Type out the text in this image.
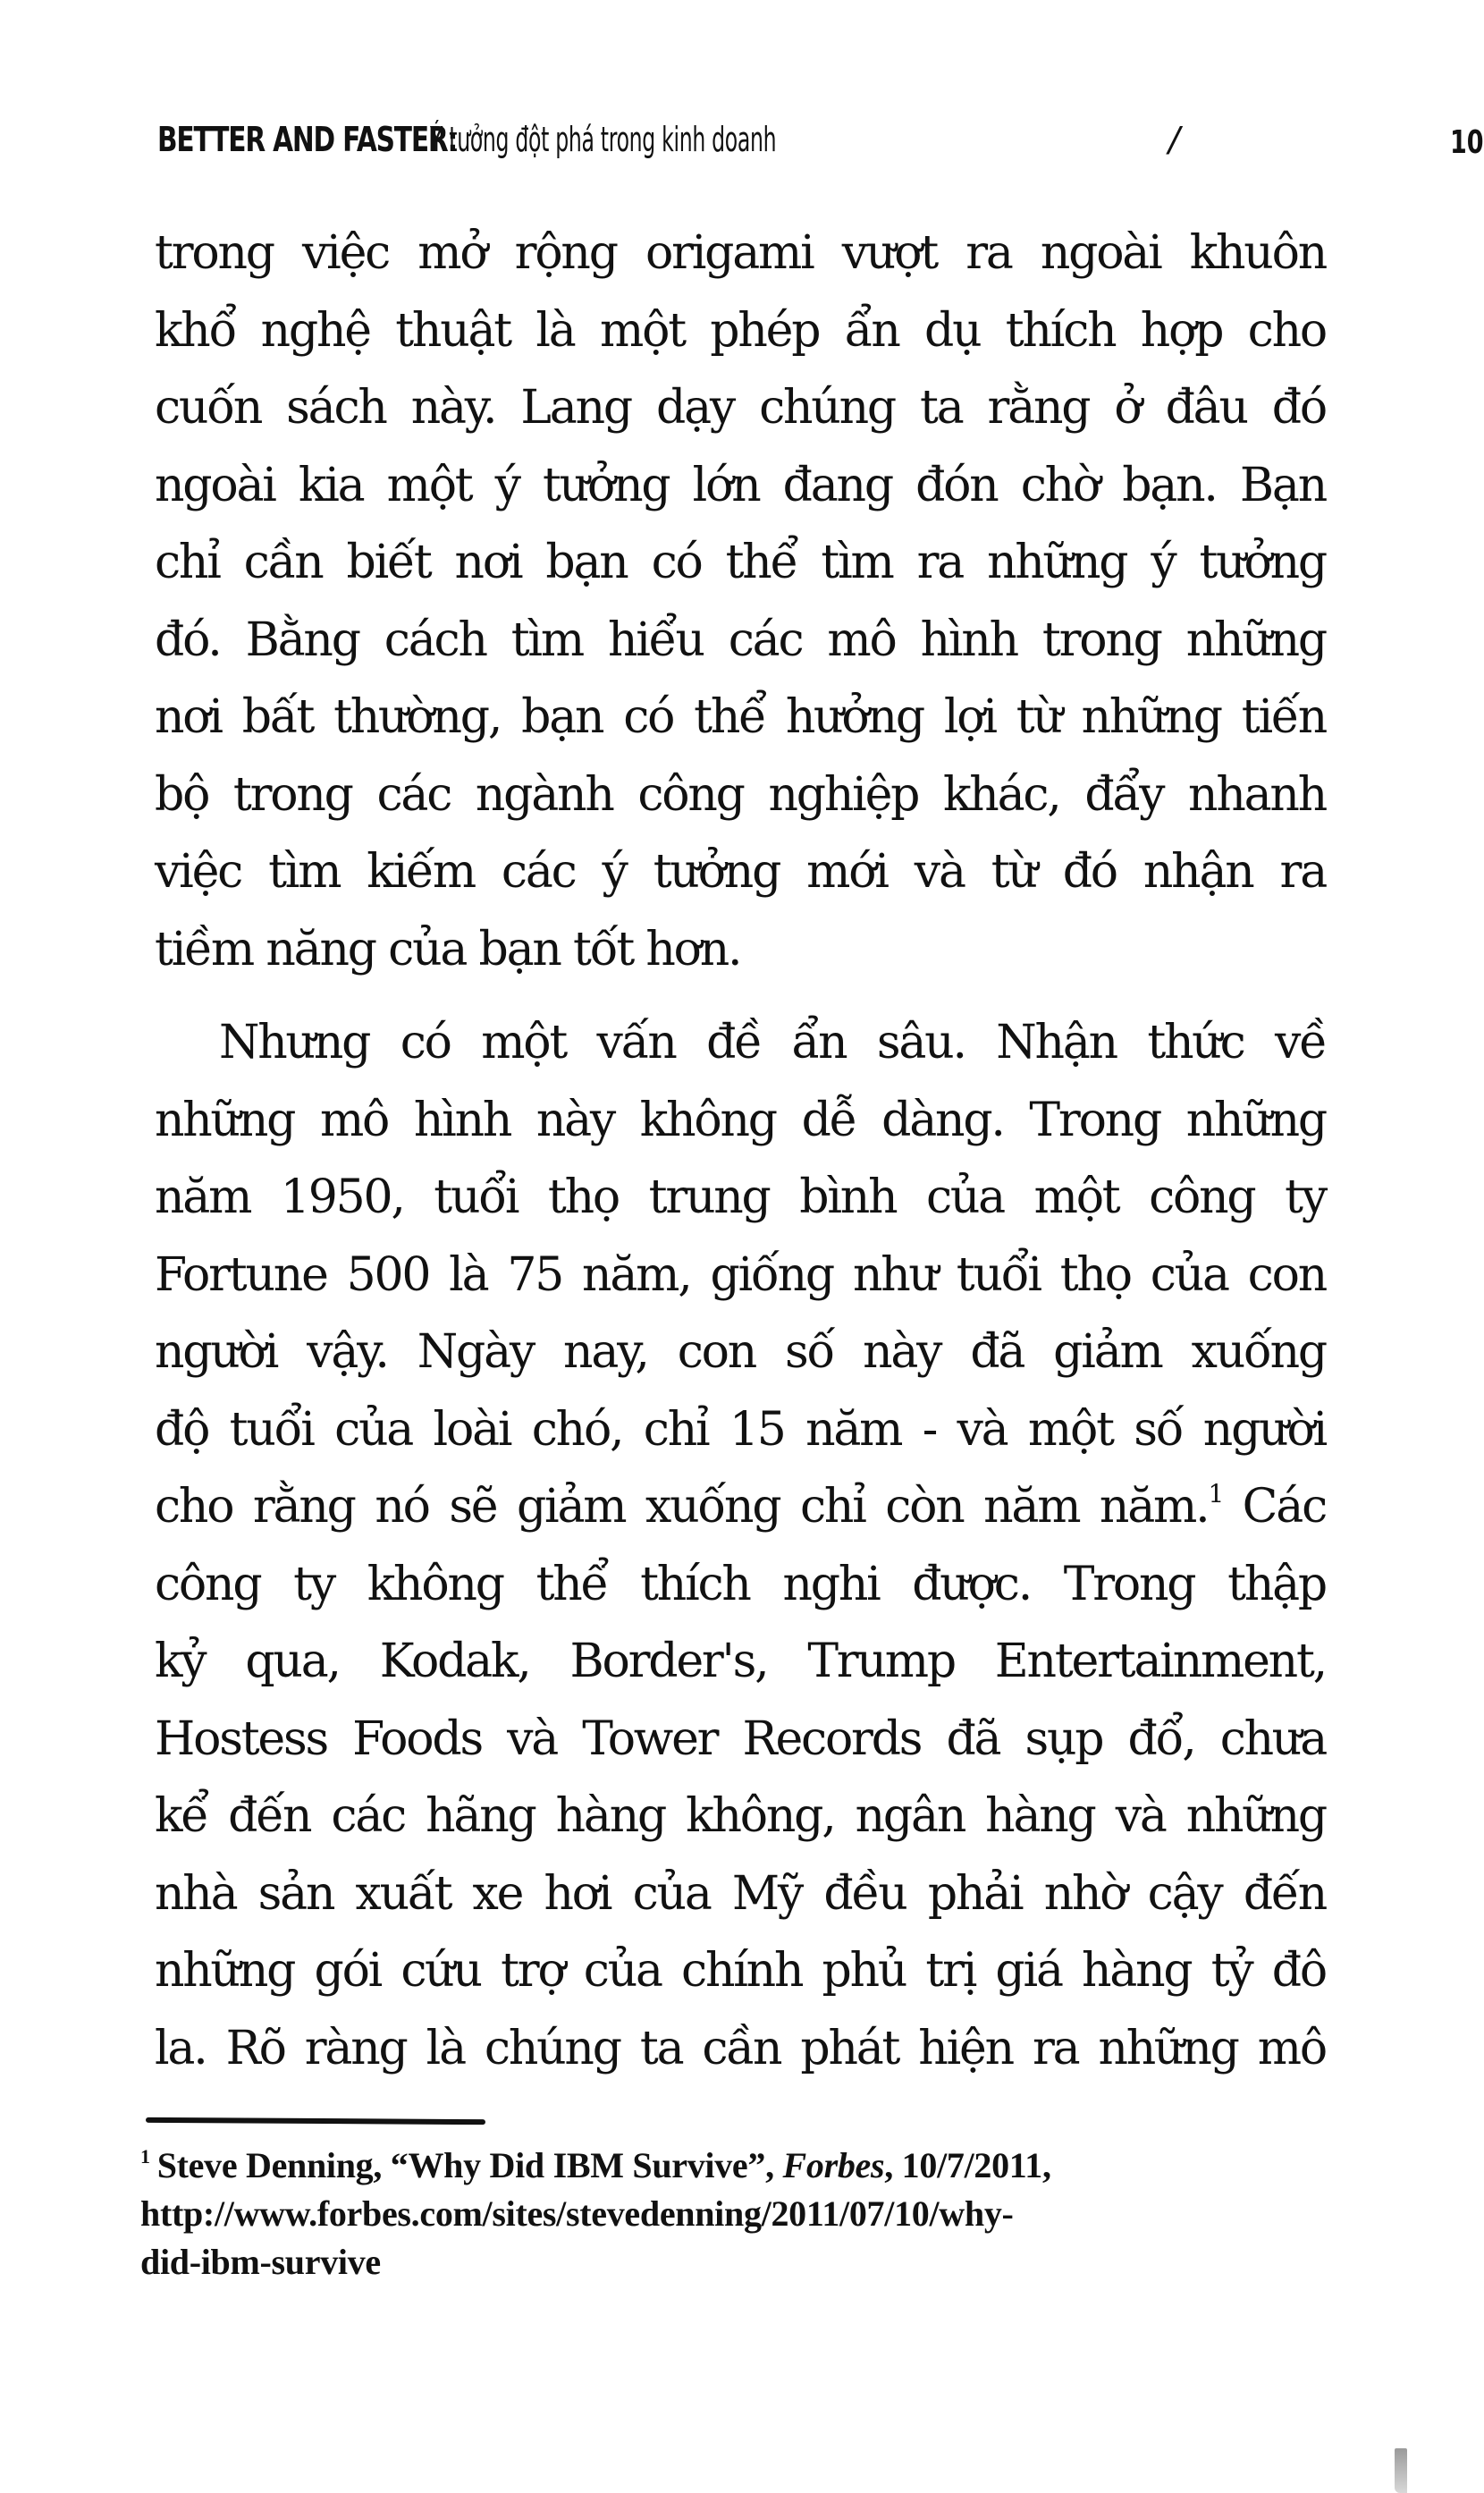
BETTER AND FASTER: Ý tưởng đột phá trong kinh doanh	/	10
trong việc mở rộng origami vượt ra ngoài khuôn
khổ nghệ thuật là một phép ẩn dụ thích hợp cho
cuốn sách này. Lang dạy chúng ta rằng ở đâu đó
ngoài kia một ý tưởng lớn đang đón chờ bạn. Bạn
chỉ cần biết nơi bạn có thể tìm ra những ý tưởng
đó. Bằng cách tìm hiểu các mô hình trong những
nơi bất thường, bạn có thể hưởng lợi từ những tiến
bộ trong các ngành công nghiệp khác, đẩy nhanh
việc tìm kiếm các ý tưởng mới và từ đó nhận ra
tiềm năng của bạn tốt hơn.
Nhưng có một vấn đề ẩn sâu. Nhận thức về
những mô hình này không dễ dàng. Trong những
năm 1950, tuổi thọ trung bình của một công ty
Fortune 500 là 75 năm, giống như tuổi thọ của con
người vậy. Ngày nay, con số này đã giảm xuống
độ tuổi của loài chó, chỉ 15 năm - và một số người
cho rằng nó sẽ giảm xuống chỉ còn năm năm.$^1$ Các
công ty không thể thích nghi được. Trong thập
kỷ qua, Kodak, Border's, Trump Entertainment,
Hostess Foods và Tower Records đã sụp đổ, chưa
kể đến các hãng hàng không, ngân hàng và những
nhà sản xuất xe hơi của Mỹ đều phải nhờ cậy đến
những gói cứu trợ của chính phủ trị giá hàng tỷ đô
la. Rõ ràng là chúng ta cần phát hiện ra những mô
$^1$ Steve Denning, “Why Did IBM Survive”, Forbes, 10/7/2011,
http://www.forbes.com/sites/stevedenning/2011/07/10/why-
did-ibm-survive
